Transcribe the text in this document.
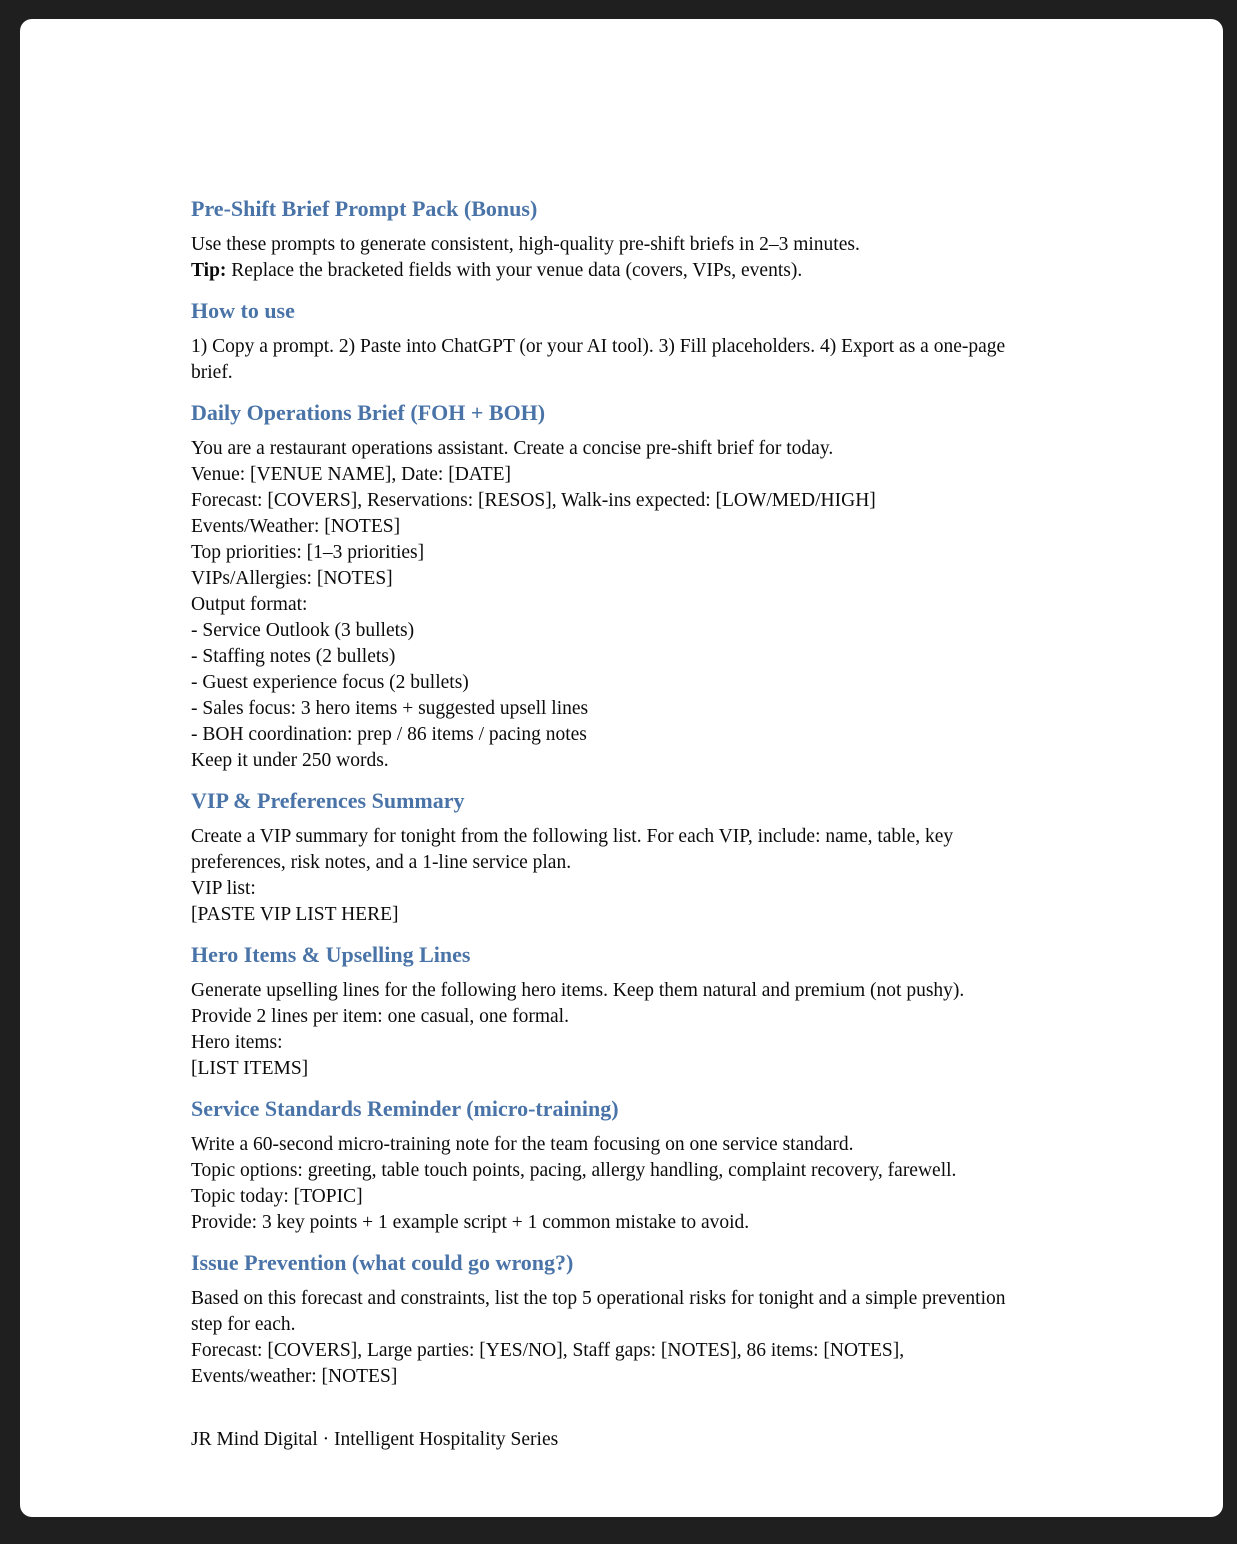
Pre-Shift Brief Prompt Pack (Bonus)

Use these prompts to generate consistent, high-quality pre-shift briefs in 2–3 minutes.

Tip: Replace the bracketed fields with your venue data (covers, VIPs, events).

How to use

1) Copy a prompt. 2) Paste into ChatGPT (or your AI tool). 3) Fill placeholders. 4) Export as a one-page brief.

Daily Operations Brief (FOH + BOH)

You are a restaurant operations assistant. Create a concise pre-shift brief for today.

Venue: [VENUE NAME], Date: [DATE]

Forecast: [COVERS], Reservations: [RESOS], Walk-ins expected: [LOW/MED/HIGH]

Events/Weather: [NOTES]

Top priorities: [1–3 priorities]

VIPs/Allergies: [NOTES]

Output format:

- Service Outlook (3 bullets)

- Staffing notes (2 bullets)

- Guest experience focus (2 bullets)

- Sales focus: 3 hero items + suggested upsell lines

- BOH coordination: prep / 86 items / pacing notes

Keep it under 250 words.

VIP & Preferences Summary

Create a VIP summary for tonight from the following list. For each VIP, include: name, table, key preferences, risk notes, and a 1-line service plan.

VIP list:

[PASTE VIP LIST HERE]

Hero Items & Upselling Lines

Generate upselling lines for the following hero items. Keep them natural and premium (not pushy). Provide 2 lines per item: one casual, one formal.

Hero items:

[LIST ITEMS]

Service Standards Reminder (micro-training)

Write a 60-second micro-training note for the team focusing on one service standard.

Topic options: greeting, table touch points, pacing, allergy handling, complaint recovery, farewell.

Topic today: [TOPIC]

Provide: 3 key points + 1 example script + 1 common mistake to avoid.

Issue Prevention (what could go wrong?)

Based on this forecast and constraints, list the top 5 operational risks for tonight and a simple prevention step for each.

Forecast: [COVERS], Large parties: [YES/NO], Staff gaps: [NOTES], 86 items: [NOTES], Events/weather: [NOTES]

JR Mind Digital · Intelligent Hospitality Series
